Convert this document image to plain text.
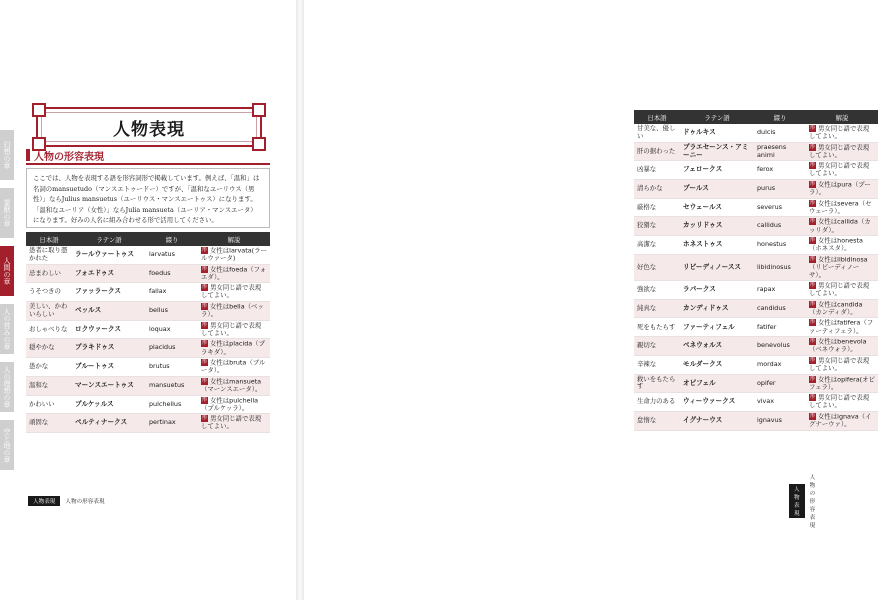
幻想の章
霊獣の章
人間の章
人の営みの章
人の理想の章
空と地の章
人物表現
人物の形容表現
ここでは、人物を表現する語を形容詞形で掲載しています。例えば、「温和」は名詞のmansuetudo（マンスエトゥードー）ですが、「温和なユーリウス（男性）」ならJulius mansuetus（ユーリウス・マンスエートゥス）になります。「温和なユーリア（女性）」ならJulia mansueta（ユーリア・マンスエータ）になります。好みの人名に組み合わせる形で活用してください。
日本語	ラテン語	綴り	解説
愚者に取り憑かれた	ラールウァートゥス	larvatus	形 女性はlarvata(ラールウァータ)
忌まわしい	フォエドゥス	foedus	形 女性はfoeda（フォエダ）。
うそつきの	ファッラークス	fallax	形 男女同じ語で表現してよい。
美しい、かわいらしい	ベッルス	bellus	形 女性はbella（ベッラ）。
おしゃべりな	ロクウァークス	loquax	形 男女同じ語で表現してよい。
穏やかな	プラキドゥス	placidus	形 女性はplacida（プラキダ）。
愚かな	ブルートゥス	brutus	形 女性はbruta（ブルータ）。
温和な	マーンスエートゥス	mansuetus	形 女性はmansueta（マーンスエータ）。
かわいい	プルケッルス	pulchellus	形 女性はpulchella（プルケッラ）。
頑固な	ペルティナークス	pertinax	形 男女同じ語で表現してよい。
人物表現	人物の形容表現
日本語	ラテン語	綴り	解説
甘美な、優しい	ドゥルキス	dulcis	形 男女同じ語で表現してよい。
肝の据わった	プラエセーンス・アミーニー	praesens animi	形 男女同じ語で表現してよい。
凶暴な	フェロークス	ferox	形 男女同じ語で表現してよい。
清らかな	プールス	purus	形 女性はpura（プーラ）。
厳格な	セウェールス	severus	形 女性はsevera（セウェーラ）。
狡猾な	カッリドゥス	callidus	形 女性はcallida（カッリダ）。
高潔な	ホネストゥス	honestus	形 女性はhonesta（ホネスタ）。
好色な	リビーディノースス	libidinosus	形 女性はlibidinosa（リビーディノーサ）。
強欲な	ラパークス	rapax	形 男女同じ語で表現してよい。
純真な	カンディドゥス	candidus	形 女性はcandida（カンディダ）。
死をもたらす	ファーティフェル	fatifer	形 女性はfatifera（ファーティフェラ）。
親切な	ベネウォルス	benevolus	形 女性はbenevola（ベネウォラ）。
辛辣な	モルダークス	mordax	形 男女同じ語で表現してよい。
救いをもたらす	オピフェル	opifer	形 女性はopifera(オピフェラ）。
生命力のある	ウィーウァークス	vivax	形 男女同じ語で表現してよい。
怠惰な	イグナーウス	ignavus	形 女性はignava（イグナーウァ）。
人物表現
人物の形容表現
